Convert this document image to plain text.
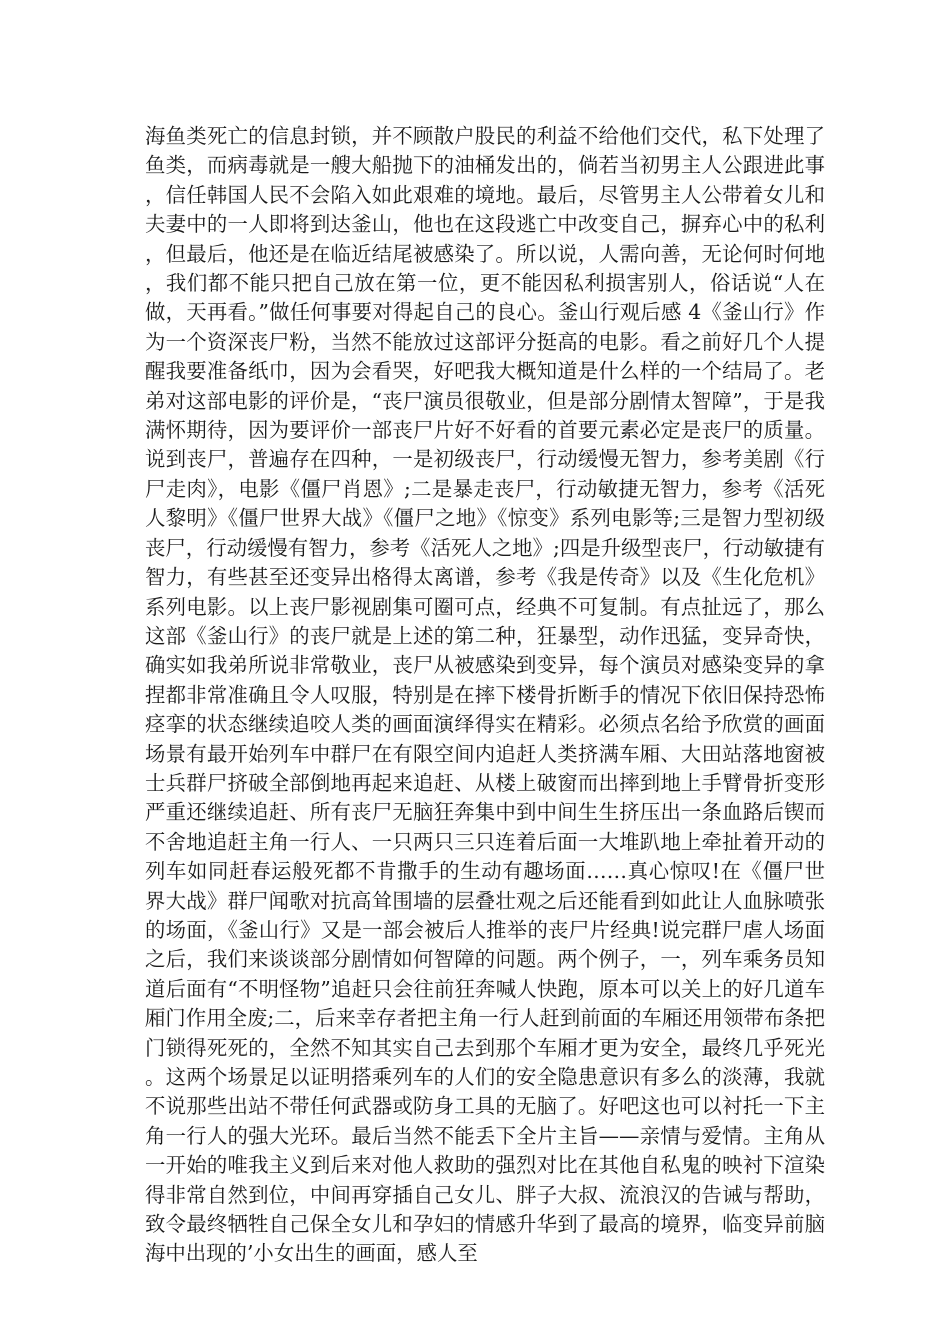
海鱼类死亡的信息封锁，并不顾散户股民的利益不给他们交代，私下处理了鱼类，而病毒就是一艘大船抛下的油桶发出的，倘若当初男主人公跟进此事，信任韩国人民不会陷入如此艰难的境地。最后，尽管男主人公带着女儿和夫妻中的一人即将到达釜山，他也在这段逃亡中改变自己，摒弃心中的私利，但最后，他还是在临近结尾被感染了。所以说，人需向善，无论何时何地，我们都不能只把自己放在第一位，更不能因私利损害别人，俗话说“人在做，天再看。”做任何事要对得起自己的良心。釜山行观后感 4《釜山行》作为一个资深丧尸粉，当然不能放过这部评分挺高的电影。看之前好几个人提醒我要准备纸巾，因为会看哭，好吧我大概知道是什么样的一个结局了。老弟对这部电影的评价是，“丧尸演员很敬业，但是部分剧情太智障”，于是我满怀期待，因为要评价一部丧尸片好不好看的首要元素必定是丧尸的质量。说到丧尸，普遍存在四种，一是初级丧尸，行动缓慢无智力，参考美剧《行尸走肉》，电影《僵尸肖恩》;二是暴走丧尸，行动敏捷无智力，参考《活死人黎明》《僵尸世界大战》《僵尸之地》《惊变》系列电影等;三是智力型初级丧尸，行动缓慢有智力，参考《活死人之地》;四是升级型丧尸，行动敏捷有智力，有些甚至还变异出格得太离谱，参考《我是传奇》以及《生化危机》系列电影。以上丧尸影视剧集可圈可点，经典不可复制。有点扯远了，那么这部《釜山行》的丧尸就是上述的第二种，狂暴型，动作迅猛，变异奇快，确实如我弟所说非常敬业，丧尸从被感染到变异，每个演员对感染变异的拿捏都非常准确且令人叹服，特别是在摔下楼骨折断手的情况下依旧保持恐怖痉挛的状态继续追咬人类的画面演绎得实在精彩。必须点名给予欣赏的画面场景有最开始列车中群尸在有限空间内追赶人类挤满车厢、大田站落地窗被士兵群尸挤破全部倒地再起来追赶、从楼上破窗而出摔到地上手臂骨折变形严重还继续追赶、所有丧尸无脑狂奔集中到中间生生挤压出一条血路后锲而不舍地追赶主角一行人、一只两只三只连着后面一大堆趴地上牵扯着开动的列车如同赶春运般死都不肯撒手的生动有趣场面……真心惊叹!在《僵尸世界大战》群尸闻歌对抗高耸围墙的层叠壮观之后还能看到如此让人血脉喷张的场面，《釜山行》又是一部会被后人推举的丧尸片经典!说完群尸虐人场面之后，我们来谈谈部分剧情如何智障的问题。两个例子，一，列车乘务员知道后面有“不明怪物”追赶只会往前狂奔喊人快跑，原本可以关上的好几道车厢门作用全废;二，后来幸存者把主角一行人赶到前面的车厢还用领带布条把门锁得死死的，全然不知其实自己去到那个车厢才更为安全，最终几乎死光。这两个场景足以证明搭乘列车的人们的安全隐患意识有多么的淡薄，我就不说那些出站不带任何武器或防身工具的无脑了。好吧这也可以衬托一下主角一行人的强大光环。最后当然不能丢下全片主旨——亲情与爱情。主角从一开始的唯我主义到后来对他人救助的强烈对比在其他自私鬼的映衬下渲染得非常自然到位，中间再穿插自己女儿、胖子大叔、流浪汉的告诫与帮助，致令最终牺牲自己保全女儿和孕妇的情感升华到了最高的境界，临变异前脑海中出现的’小女出生的画面，感人至
